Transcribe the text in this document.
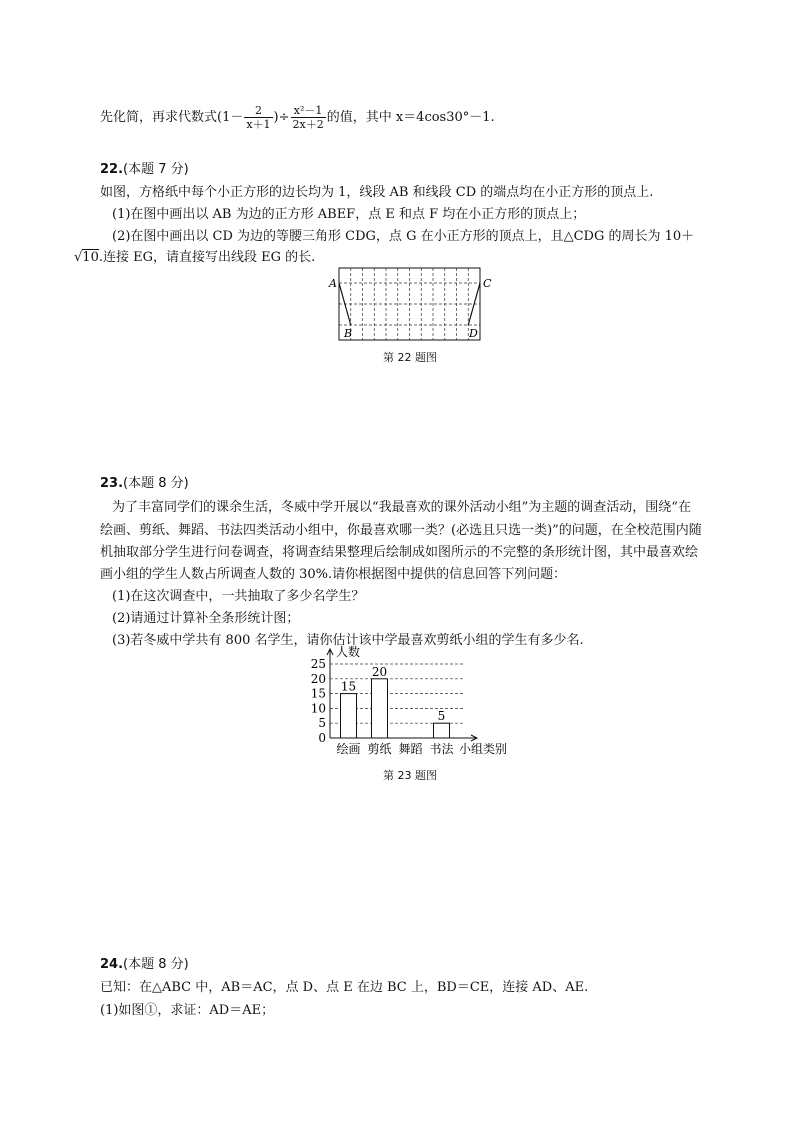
先化简，再求代数式($1- \frac{2}{x+1}$ )÷ $\frac{\text{x²－1}}{2x+2}$ 的值，其中 x＝4cos30°－1.
22.(本题 7 分)
如图，方格纸中每个小正方形的边长均为 1，线段 AB 和线段 CD 的端点均在小正方形的顶点上.
(1)在图中画出以 AB 为边的正方形 ABEF，点 E 和点 F 均在小正方形的顶点上；
(2)在图中画出以 CD 为边的等腰三角形 CDG，点 G 在小正方形的顶点上，且△CDG 的周长为 10＋
√10.连接 EG，请直接写出线段 EG 的长.
A
B
C
D
第 22 题图
23.(本题 8 分)
为了丰富同学们的课余生活，冬威中学开展以“我最喜欢的课外活动小组”为主题的调查活动，围绕“在
绘画、剪纸、舞蹈、书法四类活动小组中，你最喜欢哪一类？(必选且只选一类)”的问题，在全校范围内随
机抽取部分学生进行问卷调查，将调查结果整理后绘制成如图所示的不完整的条形统计图，其中最喜欢绘
画小组的学生人数占所调查人数的 30%.请你根据图中提供的信息回答下列问题：
(1)在这次调查中，一共抽取了多少名学生？
(2)请通过计算补全条形统计图；
(3)若冬威中学共有 800 名学生，请你估计该中学最喜欢剪纸小组的学生有多少名.
0
5
10
15
20
25
人数
15
绘画
20
剪纸 舞蹈
5
书法 小组类别
第 23 题图
24.(本题 8 分)
已知：在△ABC 中，AB＝AC，点 D、点 E 在边 BC 上，BD＝CE，连接 AD、AE.
(1)如图①，求证：AD＝AE；
